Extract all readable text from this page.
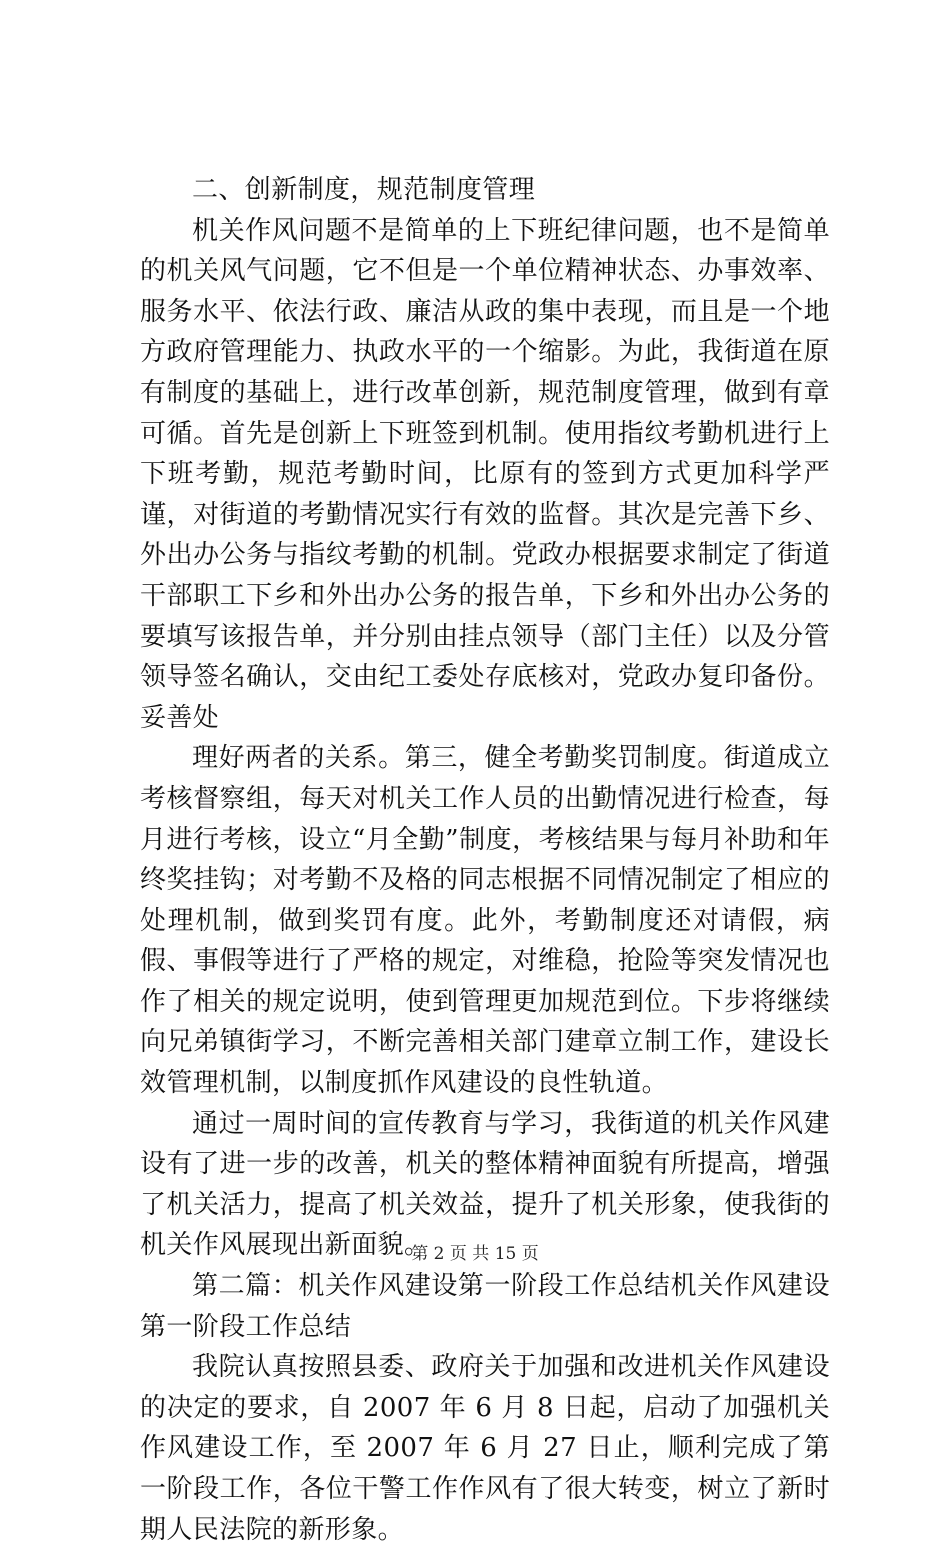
二、创新制度，规范制度管理

机关作风问题不是简单的上下班纪律问题，也不是简单的机关风气问题，它不但是一个单位精神状态、办事效率、服务水平、依法行政、廉洁从政的集中表现，而且是一个地方政府管理能力、执政水平的一个缩影。为此，我街道在原有制度的基础上，进行改革创新，规范制度管理，做到有章可循。首先是创新上下班签到机制。使用指纹考勤机进行上下班考勤，规范考勤时间，比原有的签到方式更加科学严谨，对街道的考勤情况实行有效的监督。其次是完善下乡、外出办公务与指纹考勤的机制。党政办根据要求制定了街道干部职工下乡和外出办公务的报告单，下乡和外出办公务的要填写该报告单，并分别由挂点领导（部门主任）以及分管领导签名确认，交由纪工委处存底核对，党政办复印备份。妥善处

理好两者的关系。第三，健全考勤奖罚制度。街道成立考核督察组，每天对机关工作人员的出勤情况进行检查，每月进行考核，设立“月全勤”制度，考核结果与每月补助和年终奖挂钩；对考勤不及格的同志根据不同情况制定了相应的处理机制，做到奖罚有度。此外，考勤制度还对请假，病假、事假等进行了严格的规定，对维稳，抢险等突发情况也作了相关的规定说明，使到管理更加规范到位。下步将继续向兄弟镇街学习，不断完善相关部门建章立制工作，建设长效管理机制，以制度抓作风建设的良性轨道。

通过一周时间的宣传教育与学习，我街道的机关作风建设有了进一步的改善，机关的整体精神面貌有所提高，增强了机关活力，提高了机关效益，提升了机关形象，使我街的机关作风展现出新面貌。

第二篇：机关作风建设第一阶段工作总结机关作风建设第一阶段工作总结

我院认真按照县委、政府关于加强和改进机关作风建设的决定的要求，自 2007 年 6 月 8 日起，启动了加强机关作风建设工作，至 2007 年 6 月 27 日止，顺利完成了第一阶段工作，各位干警工作作风有了很大转变，树立了新时期人民法院的新形象。

第 2 页 共 15 页
